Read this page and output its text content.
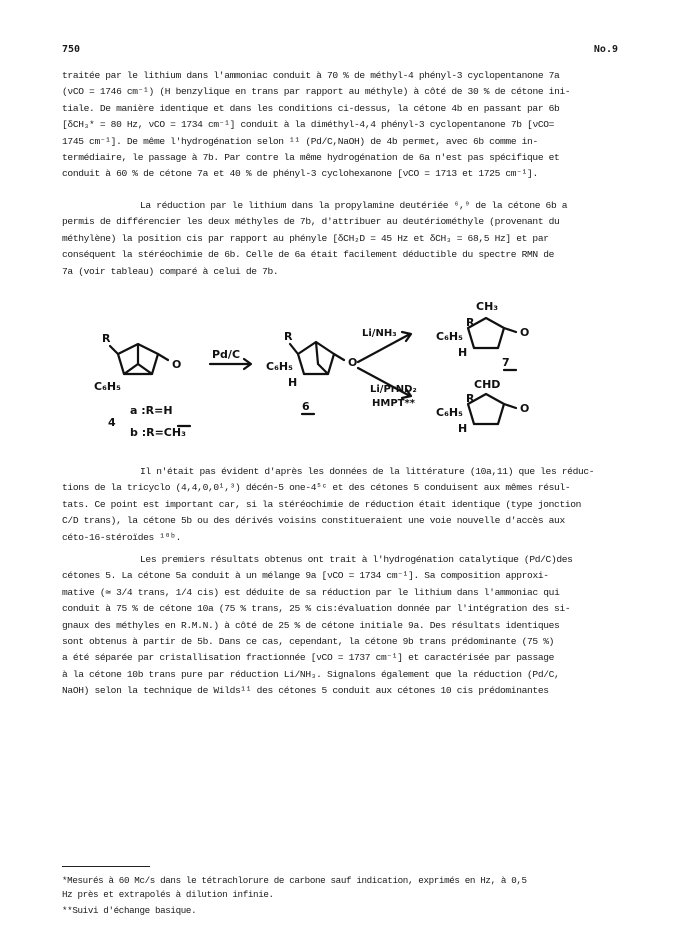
750	No.9
traitée par le lithium dans l'ammoniac conduit à 70 % de méthyl-4 phényl-3 cyclopentanone 7a
(νCO = 1746 cm⁻¹) (H benzylique en trans par rapport au méthyle) à côté de 30 % de cétone ini-
tiale. De manière identique et dans les conditions ci-dessus, la cétone 4b en passant par 6b
[δCH₃* = 80 Hz, νCO = 1734 cm⁻¹] conduit à la diméthyl-4,4 phényl-3 cyclopentanone 7b [νCO=
1745 cm⁻¹]. De même l'hydrogénation selon ¹¹ (Pd/C,NaOH) de 4b permet, avec 6b comme in-
termédiaire, le passage à 7b. Par contre la même hydrogénation de 6a n'est pas spécifique et
conduit à 60 % de cétone 7a et 40 % de phényl-3 cyclohexanone [νCO = 1713 et 1725 cm⁻¹].
La réduction par le lithium dans la propylamine deutériée ⁶,⁹ de la cétone 6b a
permis de différencier les deux méthyles de 7b, d'attribuer au deutériométhyle (provenant du
méthylène) la position cis par rapport au phényle [δCH₂D = 45 Hz et δCH₃ = 68,5 Hz] et par
conséquent la stéréochimie de 6b. Celle de 6a était facilement déductible du spectre RMN de
7a (voir tableau) comparé à celui de 7b.
O	O
O
O
R
C₆H₅
R
C₆H₅
H
Pd/C
Li/NH₃
Li/PrND₂
HMPT**
CH₃
R
C₆H₅
H
7
CHD
R
C₆H₅
H
4
a :R=H
b :R=CH₃
6
Il n'était pas évident d'après les données de la littérature (10a,11) que les réduc-
tions de la tricyclo (4,4,0,0¹,³) décén-5 one-4⁵ᶜ et des cétones 5 conduisent aux mêmes résul-
tats. Ce point est important car, si la stéréochimie de réduction était identique (type jonction
C/D trans), la cétone 5b ou des dérivés voisins constitueraient une voie nouvelle d'accès aux
céto-16-stéroïdes ¹⁰ᵇ.
Les premiers résultats obtenus ont trait à l'hydrogénation catalytique (Pd/C)des
cétones 5. La cétone 5a conduit à un mélange 9a [νCO = 1734 cm⁻¹]. Sa composition approxi-
mative (≃ 3/4 trans, 1/4 cis) est déduite de sa réduction par le lithium dans l'ammoniac qui
conduit à 75 % de cétone 10a (75 % trans, 25 % cis:évaluation donnée par l'intégration des si-
gnaux des méthyles en R.M.N.) à côté de 25 % de cétone initiale 9a. Des résultats identiques
sont obtenus à partir de 5b. Dans ce cas, cependant, la cétone 9b trans prédominante (75 %)
a été séparée par cristallisation fractionnée [νCO = 1737 cm⁻¹] et caractérisée par passage
à la cétone 10b trans pure par réduction Li/NH₃. Signalons également que la réduction (Pd/C,
NaOH) selon la technique de Wilds¹¹ des cétones 5 conduit aux cétones 10 cis prédominantes
*Mesurés à 60 Mc/s dans le tétrachlorure de carbone sauf indication, exprimés en Hz, à 0,5
Hz près et extrapolés à dilution infinie.
**Suivi d'échange basique.
